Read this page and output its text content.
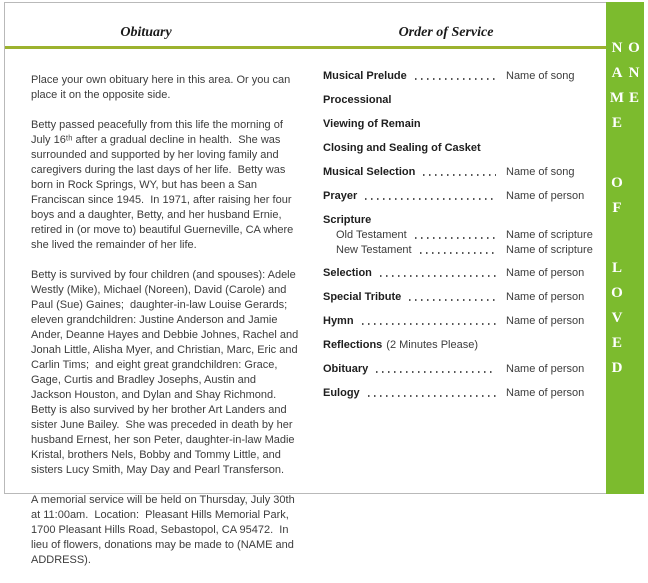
Obituary	Order of Service

Place your own obituary here in this area. Or you can place it on the opposite side.

Betty passed peacefully from this life the morning of July 16ᵗʰ after a gradual decline in health.  She was surrounded and supported by her loving family and caregivers during the last days of her life.  Betty was born in Rock Springs, WY, but has been a San Franciscan since 1945.  In 1971, after raising her four boys and a daughter, Betty, and her husband Ernie, retired in (or move to) beautiful Guerneville, CA where she lived the remainder of her life.

Betty is survived by four children (and spouses): Adele Westly (Mike), Michael (Noreen), David (Carole) and Paul (Sue) Gaines;  daughter-in-law Louise Gerards;  eleven grandchildren: Justine Anderson and Jamie Ander, Deanne Hayes and Debbie Johnes, Rachel and Jonah Little, Alisha Myer, and Christian, Marc, Eric and Carlin Tims;  and eight great grandchildren: Grace, Gage, Curtis and Bradley Josephs, Austin and Jackson Houston, and Dylan and Shay Richmond.  Betty is also survived by her brother Art Landers and sister June Bailey.  She was preceded in death by her husband Ernest, her son Peter, daughter-in-law Madie Kristal, brothers Nels, Bobby and Tommy Little, and sisters Lucy Smith, May Day and Pearl Transferson.

A memorial service will be held on Thursday, July 30th at 11:00am.  Location:  Pleasant Hills Memorial Park, 1700 Pleasant Hills Road, Sebastopol, CA 95472.  In lieu of flowers, donations may be made to (NAME and ADDRESS).

Musical Prelude	Name of song
Processional
Viewing of Remain
Closing and Sealing of Casket
Musical Selection	Name of song
Prayer	Name of person
Scripture
Old Testament	Name of scripture
New Testament	Name of scripture
Selection	Name of person
Special Tribute	Name of person
Hymn	Name of person
Reflections (2 Minutes Please)
Obituary	Name of person
Eulogy	Name of person
NAME OF LOVED ONE
